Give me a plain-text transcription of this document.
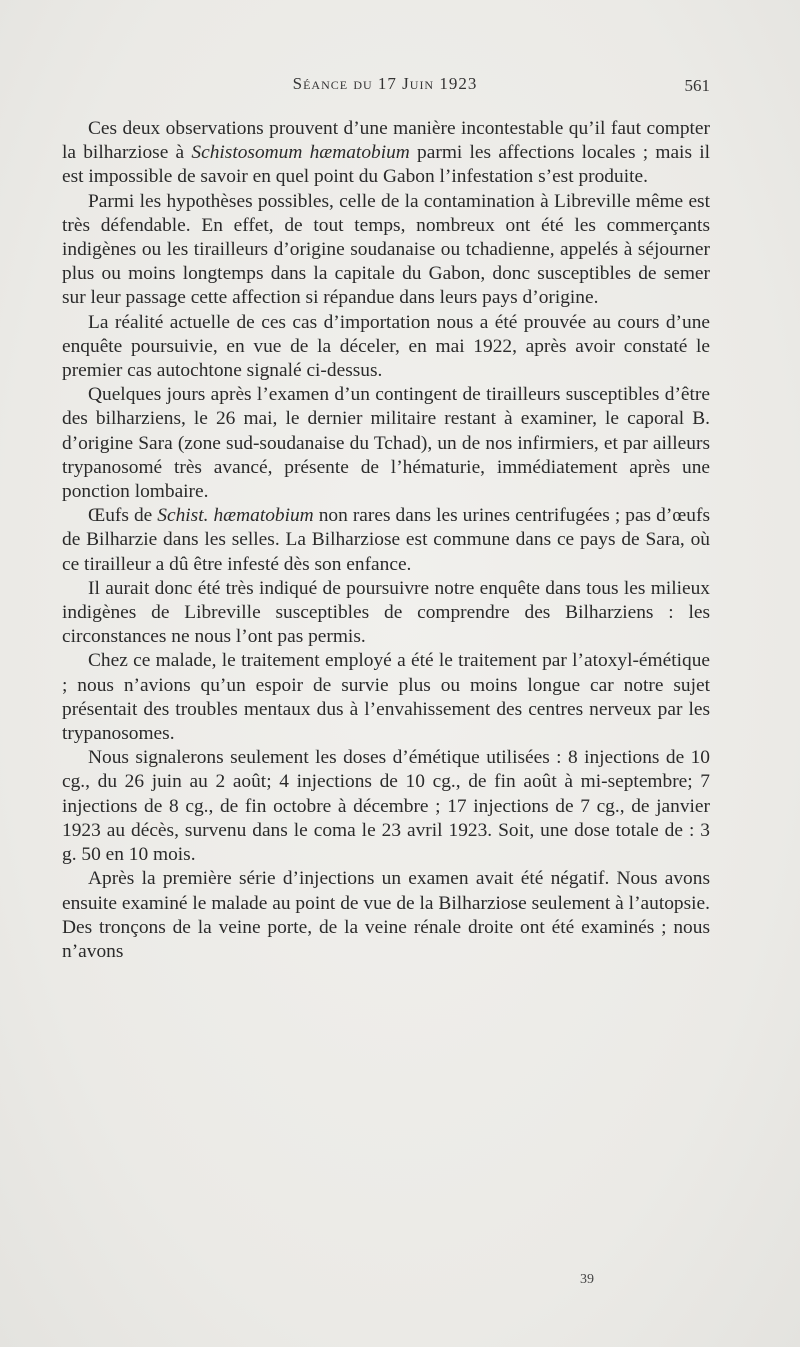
Séance du 17 Juin 1923	561

Ces deux observations prouvent d’une manière incontestable qu’il faut compter la bilharziose à Schistosomum hæmatobium parmi les affections locales ; mais il est impossible de savoir en quel point du Gabon l’infestation s’est produite.

Parmi les hypothèses possibles, celle de la contamination à Libreville même est très défendable. En effet, de tout temps, nombreux ont été les commerçants indigènes ou les tirailleurs d’origine soudanaise ou tchadienne, appelés à séjourner plus ou moins longtemps dans la capitale du Gabon, donc susceptibles de semer sur leur passage cette affection si répandue dans leurs pays d’origine.

La réalité actuelle de ces cas d’importation nous a été prouvée au cours d’une enquête poursuivie, en vue de la déceler, en mai 1922, après avoir constaté le premier cas autochtone signalé ci-dessus.

Quelques jours après l’examen d’un contingent de tirailleurs susceptibles d’être des bilharziens, le 26 mai, le dernier militaire restant à examiner, le caporal B. d’origine Sara (zone sud-soudanaise du Tchad), un de nos infirmiers, et par ailleurs trypanosomé très avancé, présente de l’hématurie, immédiatement après une ponction lombaire.

Œufs de Schist. hæmatobium non rares dans les urines centrifugées ; pas d’œufs de Bilharzie dans les selles. La Bilharziose est commune dans ce pays de Sara, où ce tirailleur a dû être infesté dès son enfance.

Il aurait donc été très indiqué de poursuivre notre enquête dans tous les milieux indigènes de Libreville susceptibles de comprendre des Bilharziens : les circonstances ne nous l’ont pas permis.

Chez ce malade, le traitement employé a été le traitement par l’atoxyl-émétique ; nous n’avions qu’un espoir de survie plus ou moins longue car notre sujet présentait des troubles mentaux dus à l’envahissement des centres nerveux par les trypanosomes.

Nous signalerons seulement les doses d’émétique utilisées : 8 injections de 10 cg., du 26 juin au 2 août; 4 injections de 10 cg., de fin août à mi-septembre; 7 injections de 8 cg., de fin octobre à décembre ; 17 injections de 7 cg., de janvier 1923 au décès, survenu dans le coma le 23 avril 1923. Soit, une dose totale de : 3 g. 50 en 10 mois.

Après la première série d’injections un examen avait été négatif. Nous avons ensuite examiné le malade au point de vue de la Bilharziose seulement à l’autopsie. Des tronçons de la veine porte, de la veine rénale droite ont été examinés ; nous n’avons

39
